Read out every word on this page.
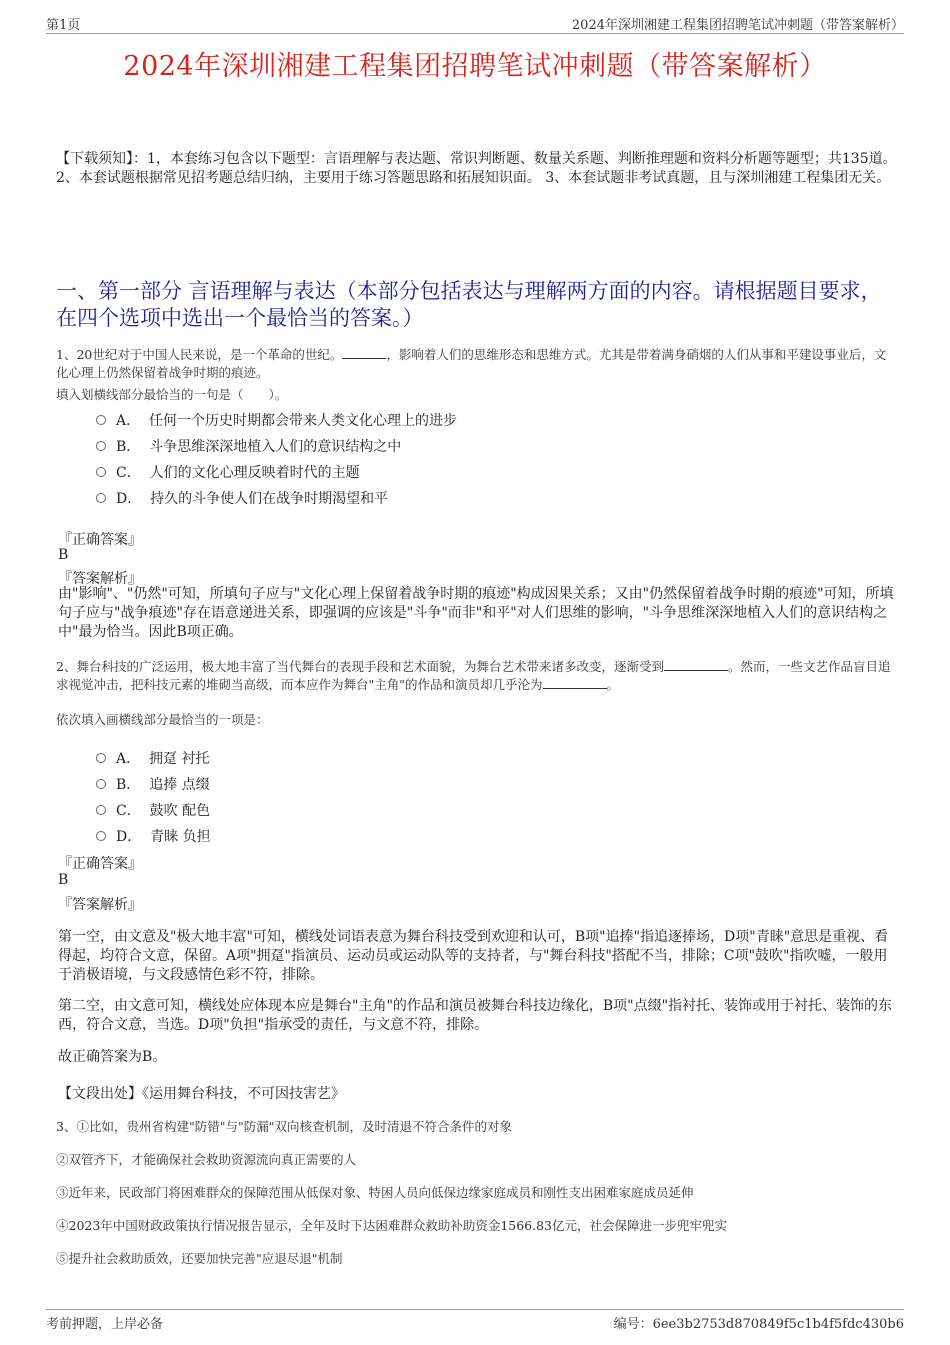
第1页	2024年深圳湘建工程集团招聘笔试冲刺题（带答案解析）
2024年深圳湘建工程集团招聘笔试冲刺题（带答案解析）
【下载须知】：1，本套练习包含以下题型：言语理解与表达题、常识判断题、数量关系题、判断推理题和资料分析题等题型；共135道。 2、本套试题根据常见招考题总结归纳，主要用于练习答题思路和拓展知识面。 3、本套试题非考试真题，且与深圳湘建工程集团无关。
一、第一部分 言语理解与表达（本部分包括表达与理解两方面的内容。请根据题目要求，在四个选项中选出一个最恰当的答案。）
1、20世纪对于中国人民来说，是一个革命的世纪。	，影响着人们的思维形态和思维方式。尤其是带着满身硝烟的人们从事和平建设事业后，文化心理上仍然保留着战争时期的痕迹。
填入划横线部分最恰当的一句是（　　）。
A． 任何一个历史时期都会带来人类文化心理上的进步
B． 斗争思维深深地植入人们的意识结构之中
C． 人们的文化心理反映着时代的主题
D． 持久的斗争使人们在战争时期渴望和平
『正确答案』
B
『答案解析』
由"影响"、"仍然"可知，所填句子应与"文化心理上保留着战争时期的痕迹"构成因果关系；又由"仍然保留着战争时期的痕迹"可知，所填句子应与"战争痕迹"存在语意递进关系，即强调的应该是"斗争"而非"和平"对人们思维的影响，"斗争思维深深地植入人们的意识结构之中"最为恰当。因此B项正确。
2、舞台科技的广泛运用，极大地丰富了当代舞台的表现手段和艺术面貌，为舞台艺术带来诸多改变，逐渐受到	。然而，一些文艺作品盲目追求视觉冲击，把科技元素的堆砌当高级，而本应作为舞台"主角"的作品和演员却几乎沦为	。
依次填入画横线部分最恰当的一项是：
A． 拥趸 衬托
B． 追捧 点缀
C． 鼓吹 配色
D． 青睐 负担
『正确答案』
B
『答案解析』
第一空，由文意及"极大地丰富"可知，横线处词语表意为舞台科技受到欢迎和认可，B项"追捧"指追逐捧场，D项"青睐"意思是重视、看得起，均符合文意，保留。A项"拥趸"指演员、运动员或运动队等的支持者，与"舞台科技"搭配不当，排除；C项"鼓吹"指吹嘘，一般用于消极语境，与文段感情色彩不符，排除。
第二空，由文意可知，横线处应体现本应是舞台"主角"的作品和演员被舞台科技边缘化，B项"点缀"指衬托、装饰或用于衬托、装饰的东西，符合文意，当选。D项"负担"指承受的责任，与文意不符，排除。
故正确答案为B。
【文段出处】《运用舞台科技，不可因技害艺》
3、①比如，贵州省构建"防错"与"防漏"双向核查机制，及时清退不符合条件的对象
②双管齐下，才能确保社会救助资源流向真正需要的人
③近年来，民政部门将困难群众的保障范围从低保对象、特困人员向低保边缘家庭成员和刚性支出困难家庭成员延伸
④2023年中国财政政策执行情况报告显示，全年及时下达困难群众救助补助资金1566.83亿元，社会保障进一步兜牢兜实
⑤提升社会救助质效，还要加快完善"应退尽退"机制
考前押题，上岸必备	编号：6ee3b2753d870849f5c1b4f5fdc430b6
